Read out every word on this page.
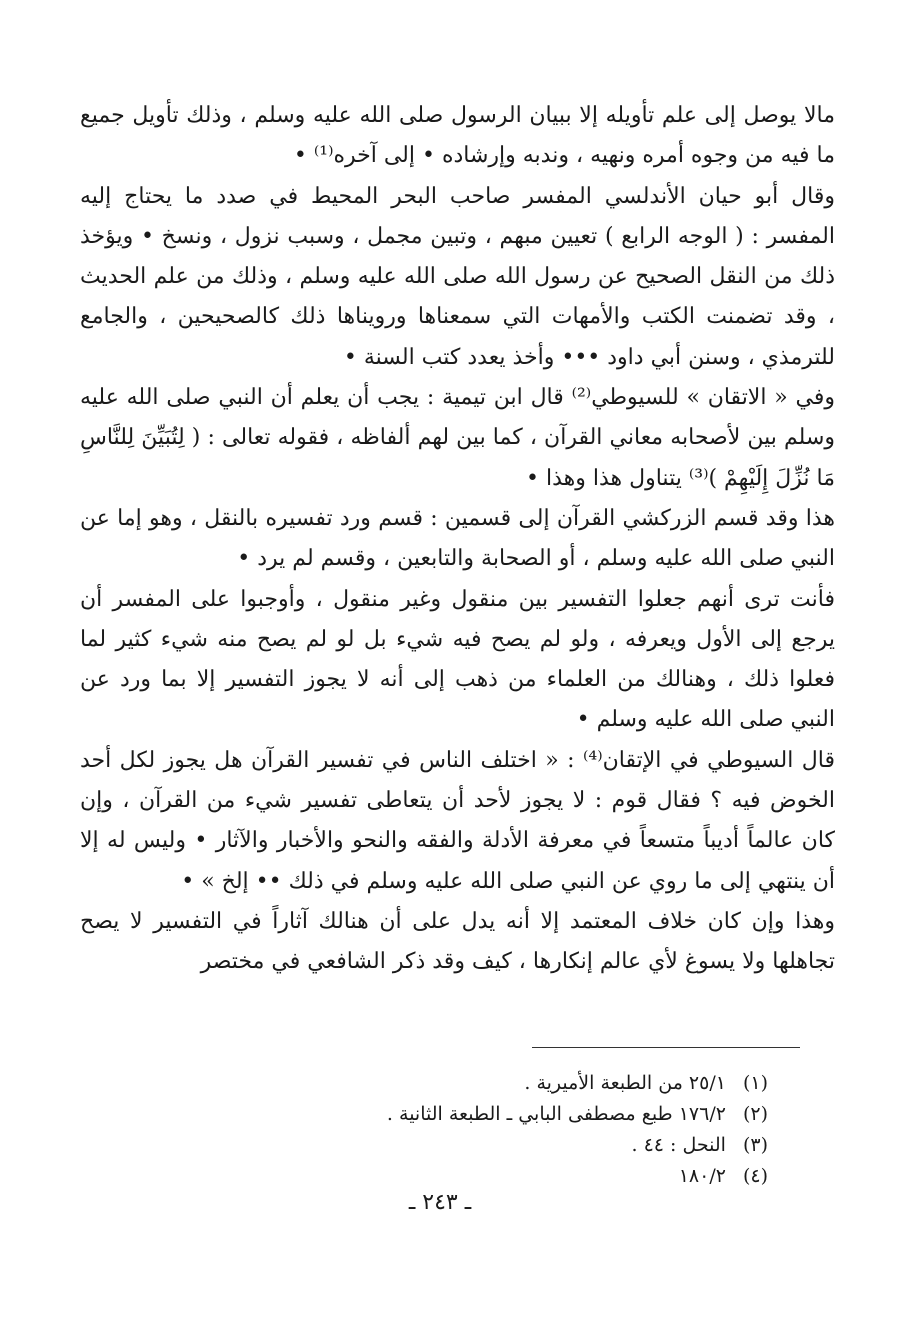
مالا يوصل إلى علم تأويله إلا ببيان الرسول صلى الله عليه وسلم ، وذلك تأويل جميع ما فيه من وجوه أمره ونهيه ، وندبه وإرشاده • إلى آخره⁽¹⁾ •

وقال أبو حيان الأندلسي المفسر صاحب البحر المحيط في صدد ما يحتاج إليه المفسر : ( الوجه الرابع ) تعيين مبهم ، وتبين مجمل ، وسبب نزول ، ونسخ • ويؤخذ ذلك من النقل الصحيح عن رسول الله صلى الله عليه وسلم ، وذلك من علم الحديث ، وقد تضمنت الكتب والأمهات التي سمعناها ورويناها ذلك كالصحيحين ، والجامع للترمذي ، وسنن أبي داود ••• وأخذ يعدد كتب السنة •

وفي « الاتقان » للسيوطي⁽²⁾ قال ابن تيمية : يجب أن يعلم أن النبي صلى الله عليه وسلم بين لأصحابه معاني القرآن ، كما بين لهم ألفاظه ، فقوله تعالى : ( لِتُبَيِّنَ لِلنَّاسِ مَا نُزِّلَ إِلَيْهِمْ )⁽³⁾ يتناول هذا وهذا •

هذا وقد قسم الزركشي القرآن إلى قسمين : قسم ورد تفسيره بالنقل ، وهو إما عن النبي صلى الله عليه وسلم ، أو الصحابة والتابعين ، وقسم لم يرد •

فأنت ترى أنهم جعلوا التفسير بين منقول وغير منقول ، وأوجبوا على المفسر أن يرجع إلى الأول ويعرفه ، ولو لم يصح فيه شيء بل لو لم يصح منه شيء كثير لما فعلوا ذلك ، وهنالك من العلماء من ذهب إلى أنه لا يجوز التفسير إلا بما ورد عن النبي صلى الله عليه وسلم •

قال السيوطي في الإتقان⁽⁴⁾ : « اختلف الناس في تفسير القرآن هل يجوز لكل أحد الخوض فيه ؟ فقال قوم : لا يجوز لأحد أن يتعاطى تفسير شيء من القرآن ، وإن كان عالماً أديباً متسعاً في معرفة الأدلة والفقه والنحو والأخبار والآثار • وليس له إلا أن ينتهي إلى ما روي عن النبي صلى الله عليه وسلم في ذلك •• إلخ » •

وهذا وإن كان خلاف المعتمد إلا أنه يدل على أن هنالك آثاراً في التفسير لا يصح تجاهلها ولا يسوغ لأي عالم إنكارها ، كيف وقد ذكر الشافعي في مختصر

(١) ٢٥/١ من الطبعة الأميرية .
(٢) ١٧٦/٢ طبع مصطفى البابي ـ الطبعة الثانية .
(٣) النحل : ٤٤ .
(٤) ١٨٠/٢
ـ ٢٤٣ ـ
